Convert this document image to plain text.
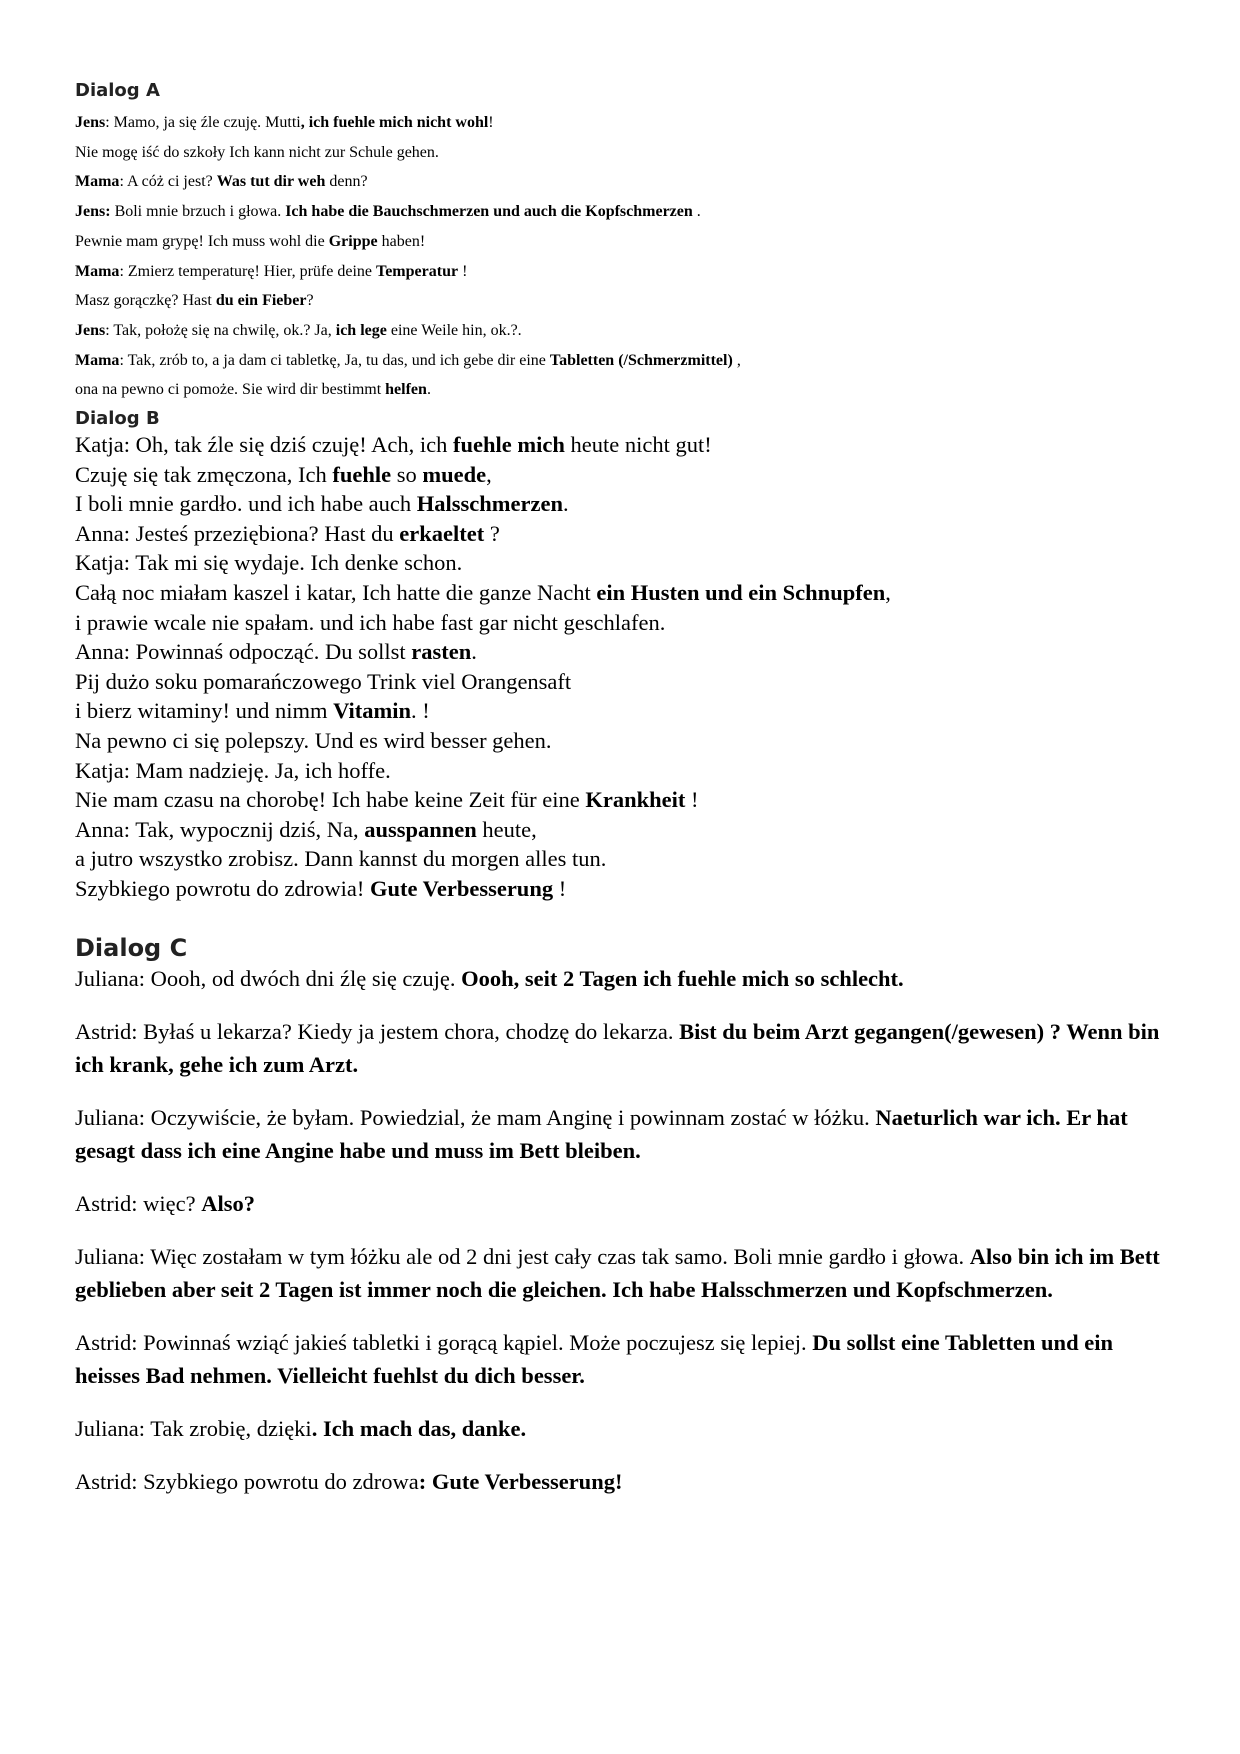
Dialog A
Jens: Mamo, ja się źle czuję. Mutti, ich fuehle mich nicht wohl!
Nie mogę iść do szkoły Ich kann nicht zur Schule gehen.
Mama: A cóż ci jest? Was tut dir weh denn?
Jens: Boli mnie brzuch i głowa. Ich habe die Bauchschmerzen und auch die Kopfschmerzen .
Pewnie mam grypę! Ich muss wohl die Grippe haben!
Mama: Zmierz temperaturę! Hier, prüfe deine Temperatur !
Masz gorączkę? Hast du ein Fieber?
Jens: Tak, położę się na chwilę, ok.? Ja, ich lege eine Weile hin, ok.?.
Mama: Tak, zrób to, a ja dam ci tabletkę, Ja, tu das, und ich gebe dir eine Tabletten (/Schmerzmittel) ,
ona na pewno ci pomoże. Sie wird dir bestimmt helfen.
Dialog B
Katja: Oh, tak źle się dziś czuję! Ach, ich fuehle mich heute nicht gut!
Czuję się tak zmęczona, Ich fuehle so muede,
I boli mnie gardło. und ich habe auch Halsschmerzen.
Anna: Jesteś przeziębiona? Hast du erkaeltet ?
Katja: Tak mi się wydaje. Ich denke schon.
Całą noc miałam kaszel i katar, Ich hatte die ganze Nacht ein Husten und ein Schnupfen,
i prawie wcale nie spałam. und ich habe fast gar nicht geschlafen.
Anna: Powinnaś odpocząć. Du sollst rasten.
Pij dużo soku pomarańczowego Trink viel Orangensaft
i bierz witaminy! und nimm Vitamin. !
Na pewno ci się polepszy. Und es wird besser gehen.
Katja: Mam nadzieję. Ja, ich hoffe.
Nie mam czasu na chorobę! Ich habe keine Zeit für eine Krankheit !
Anna: Tak, wypocznij dziś, Na, ausspannen heute,
a jutro wszystko zrobisz. Dann kannst du morgen alles tun.
Szybkiego powrotu do zdrowia! Gute Verbesserung !
Dialog C

Juliana: Oooh, od dwóch dni źlę się czuję. Oooh, seit 2 Tagen ich fuehle mich so schlecht.

Astrid: Byłaś u lekarza? Kiedy ja jestem chora, chodzę do lekarza. Bist du beim Arzt gegangen(/gewesen) ? Wenn bin ich krank, gehe ich zum Arzt.

Juliana: Oczywiście, że byłam. Powiedzial, że mam Anginę i powinnam zostać w łóżku. Naeturlich war ich. Er hat gesagt dass ich eine Angine habe und muss im Bett bleiben.

Astrid: więc? Also?

Juliana: Więc zostałam w tym łóżku ale od 2 dni jest cały czas tak samo. Boli mnie gardło i głowa. Also bin ich im Bett geblieben aber seit 2 Tagen ist immer noch die gleichen. Ich habe Halsschmerzen und Kopfschmerzen.

Astrid: Powinnaś wziąć jakieś tabletki i gorącą kąpiel. Może poczujesz się lepiej. Du sollst eine Tabletten und ein heisses Bad nehmen. Vielleicht fuehlst du dich besser.

Juliana: Tak zrobię, dzięki. Ich mach das, danke.

Astrid: Szybkiego powrotu do zdrowa: Gute Verbesserung!
